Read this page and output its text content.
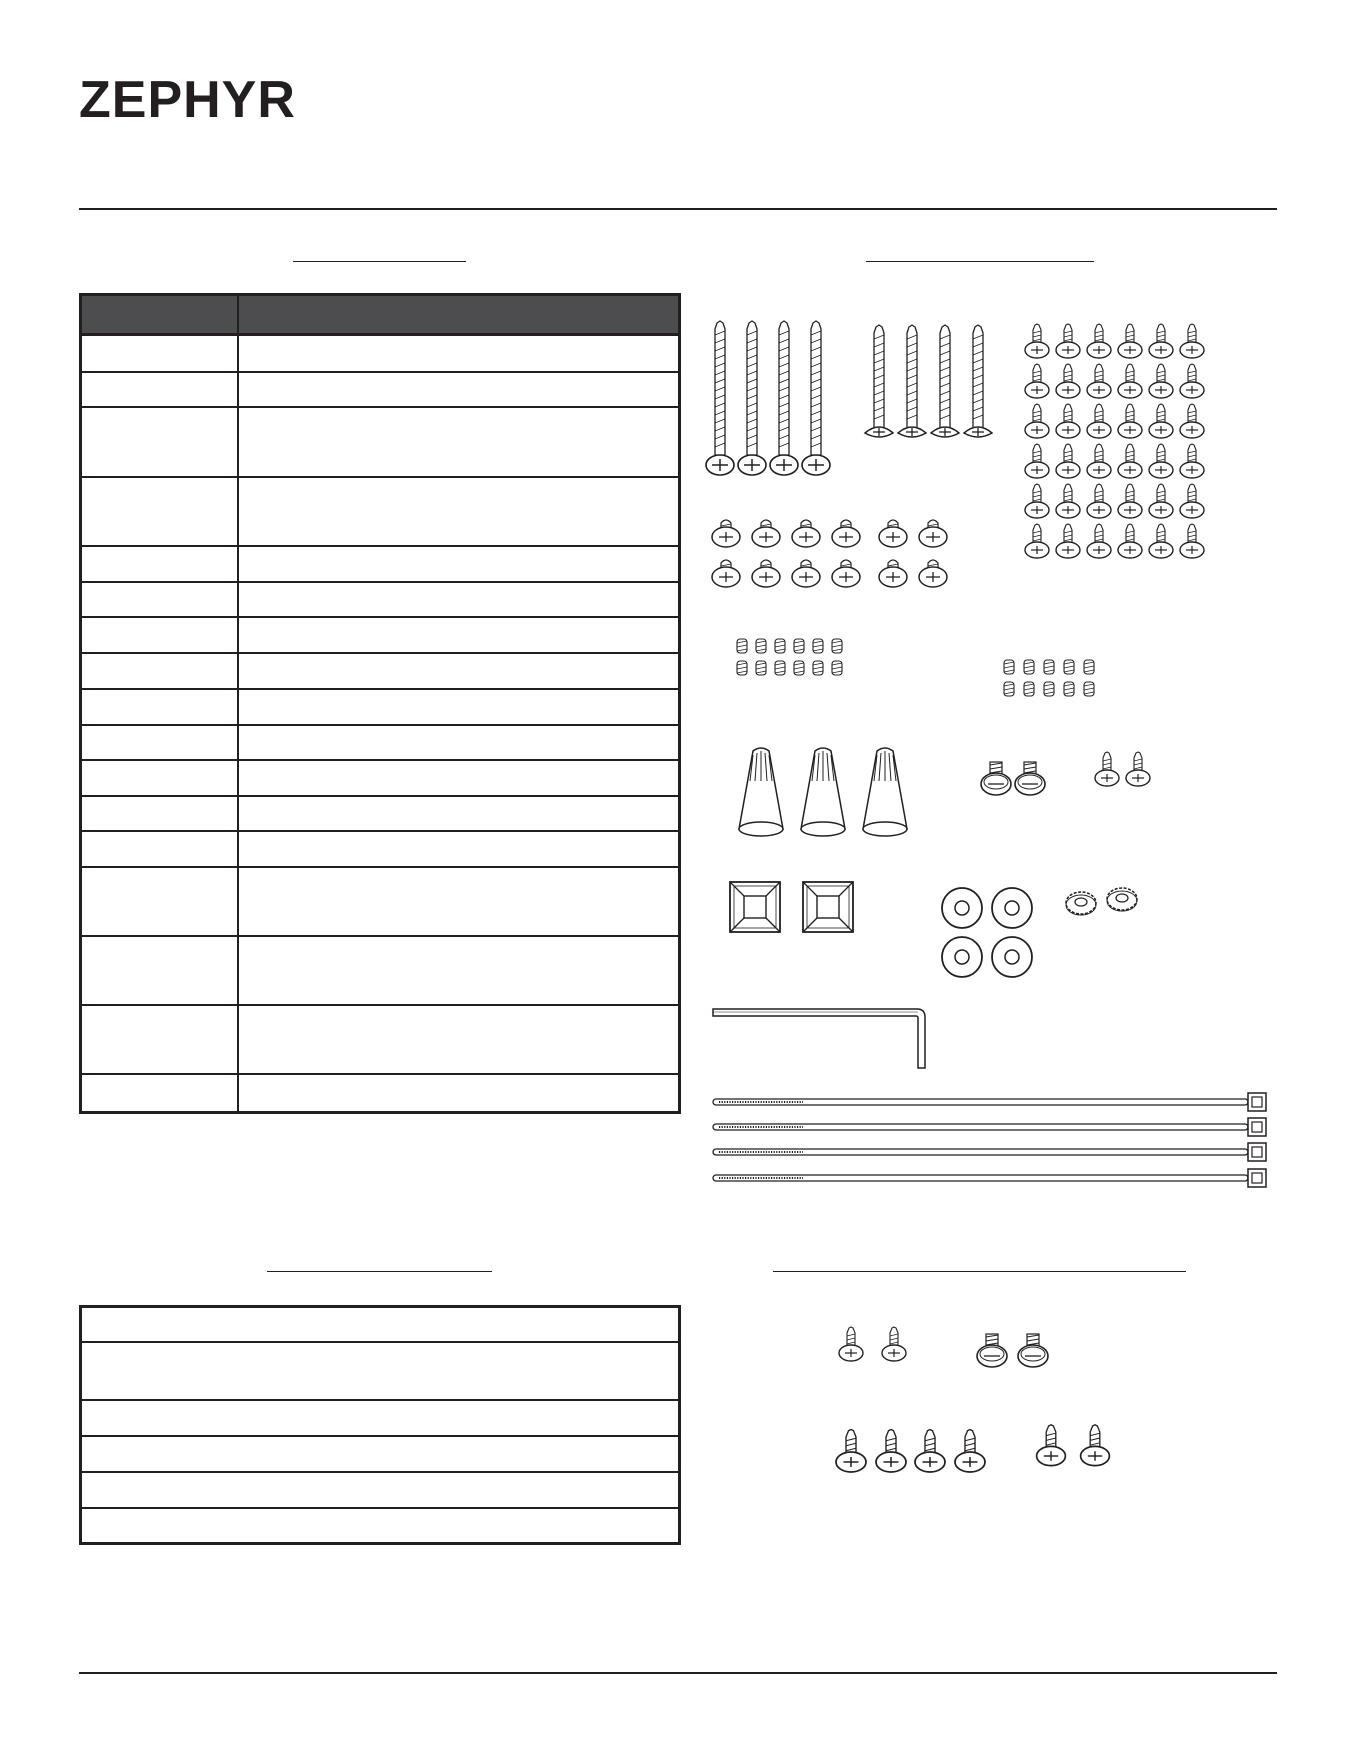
ZEPHYR
